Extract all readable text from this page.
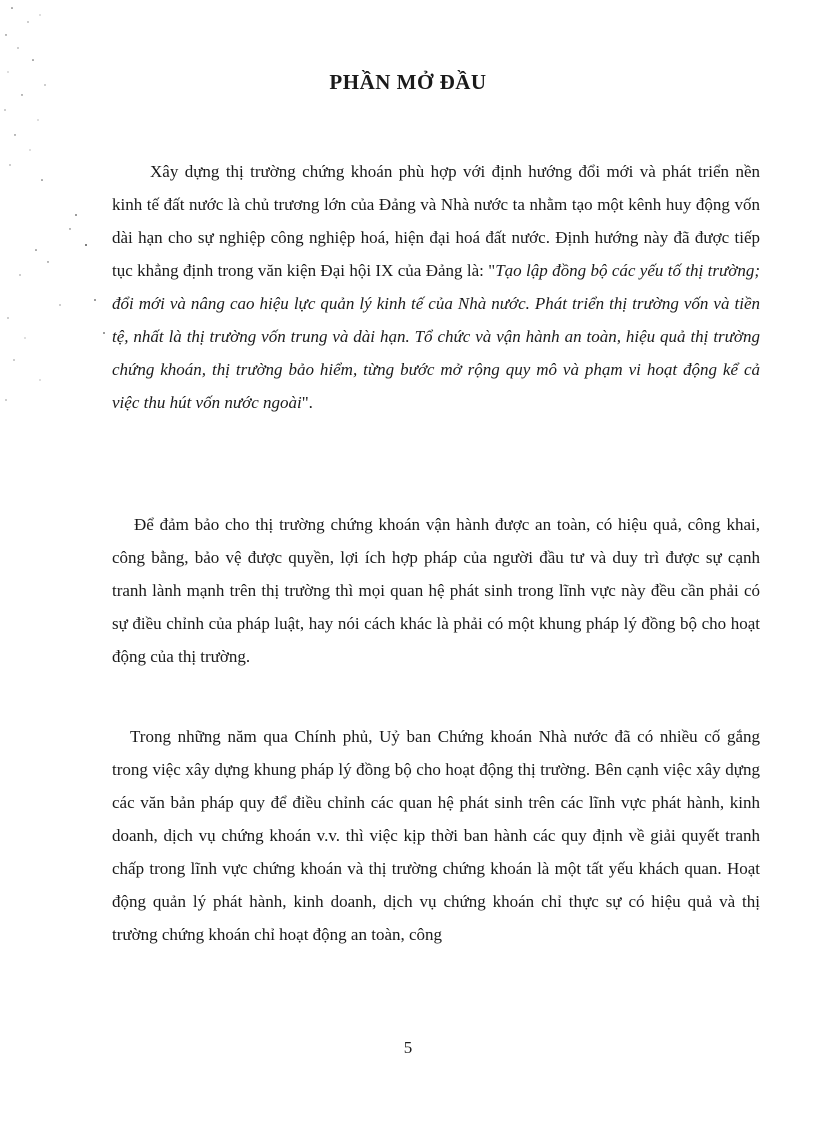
PHẦN MỞ ĐẦU

Xây dựng thị trường chứng khoán phù hợp với định hướng đổi mới và phát triển nền kinh tế đất nước là chủ trương lớn của Đảng và Nhà nước ta nhằm tạo một kênh huy động vốn dài hạn cho sự nghiệp công nghiệp hoá, hiện đại hoá đất nước. Định hướng này đã được tiếp tục khẳng định trong văn kiện Đại hội IX của Đảng là: "Tạo lập đồng bộ các yếu tố thị trường; đổi mới và nâng cao hiệu lực quản lý kinh tế của Nhà nước. Phát triển thị trường vốn và tiền tệ, nhất là thị trường vốn trung và dài hạn. Tổ chức và vận hành an toàn, hiệu quả thị trường chứng khoán, thị trường bảo hiểm, từng bước mở rộng quy mô và phạm vi hoạt động kể cả việc thu hút vốn nước ngoài".

Để đảm bảo cho thị trường chứng khoán vận hành được an toàn, có hiệu quả, công khai, công bằng, bảo vệ được quyền, lợi ích hợp pháp của người đầu tư và duy trì được sự cạnh tranh lành mạnh trên thị trường thì mọi quan hệ phát sinh trong lĩnh vực này đều cần phải có sự điều chỉnh của pháp luật, hay nói cách khác là phải có một khung pháp lý đồng bộ cho hoạt động của thị trường.

Trong những năm qua Chính phủ, Uỷ ban Chứng khoán Nhà nước đã có nhiều cố gắng trong việc xây dựng khung pháp lý đồng bộ cho hoạt động thị trường. Bên cạnh việc xây dựng các văn bản pháp quy để điều chỉnh các quan hệ phát sinh trên các lĩnh vực phát hành, kinh doanh, dịch vụ chứng khoán v.v. thì việc kịp thời ban hành các quy định về giải quyết tranh chấp trong lĩnh vực chứng khoán và thị trường chứng khoán là một tất yếu khách quan. Hoạt động quản lý phát hành, kinh doanh, dịch vụ chứng khoán chỉ thực sự có hiệu quả và thị trường chứng khoán chỉ hoạt động an toàn, công

5
